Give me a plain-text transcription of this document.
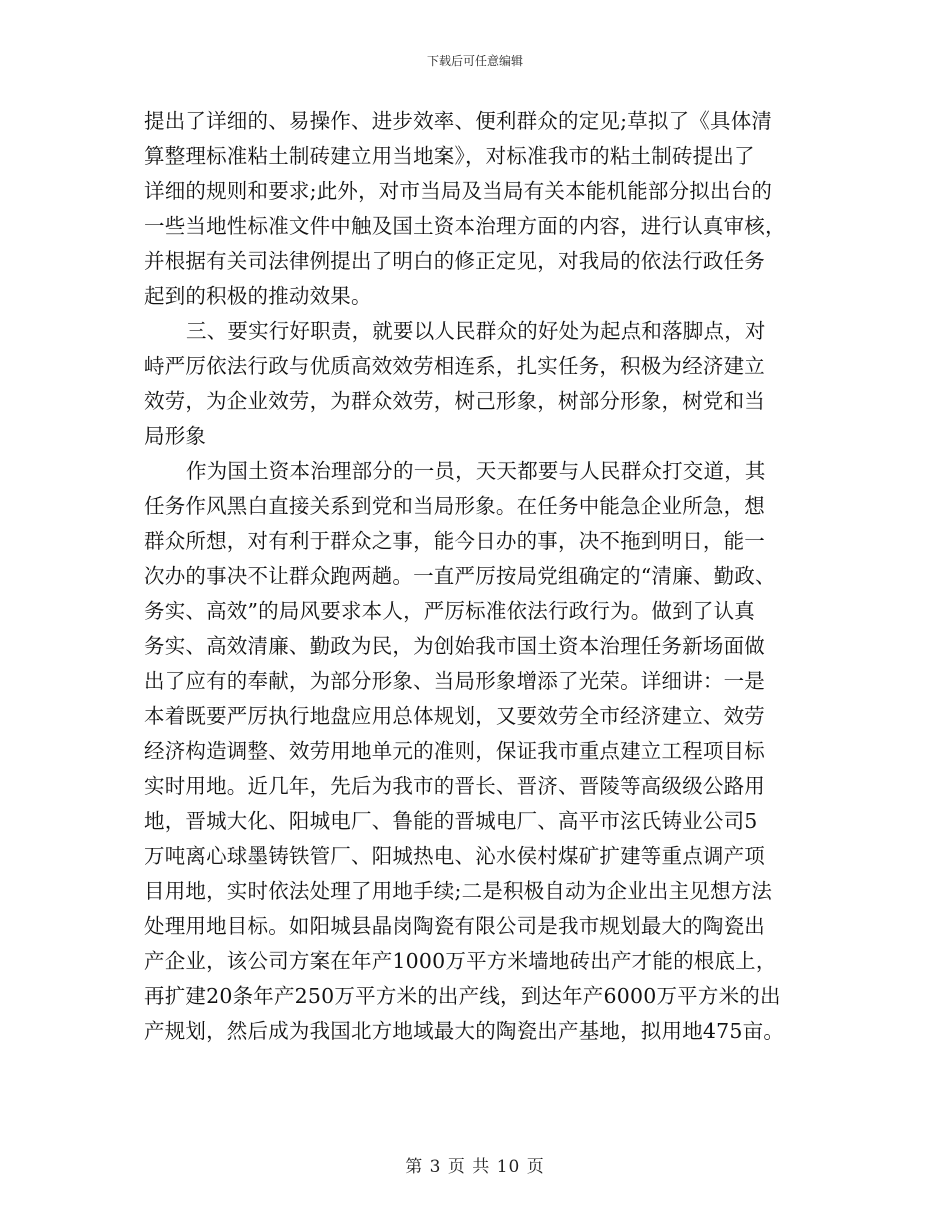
下载后可任意编辑
提出了详细的、易操作、进步效率、便利群众的定见;草拟了《具体清
算整理标准粘土制砖建立用当地案》，对标准我市的粘土制砖提出了
详细的规则和要求;此外，对市当局及当局有关本能机能部分拟出台的
一些当地性标准文件中触及国土资本治理方面的内容，进行认真审核，
并根据有关司法律例提出了明白的修正定见，对我局的依法行政任务
起到的积极的推动效果。
三、要实行好职责，就要以人民群众的好处为起点和落脚点，对
峙严厉依法行政与优质高效效劳相连系，扎实任务，积极为经济建立
效劳，为企业效劳，为群众效劳，树己形象，树部分形象，树党和当
局形象
作为国土资本治理部分的一员，天天都要与人民群众打交道，其
任务作风黑白直接关系到党和当局形象。在任务中能急企业所急，想
群众所想，对有利于群众之事，能今日办的事，决不拖到明日，能一
次办的事决不让群众跑两趟。一直严厉按局党组确定的“清廉、勤政、
务实、高效”的局风要求本人，严厉标准依法行政行为。做到了认真
务实、高效清廉、勤政为民，为创始我市国土资本治理任务新场面做
出了应有的奉献，为部分形象、当局形象增添了光荣。详细讲：一是
本着既要严厉执行地盘应用总体规划，又要效劳全市经济建立、效劳
经济构造调整、效劳用地单元的准则，保证我市重点建立工程项目标
实时用地。近几年，先后为我市的晋长、晋济、晋陵等高级级公路用
地，晋城大化、阳城电厂、鲁能的晋城电厂、高平市泫氏铸业公司5
万吨离心球墨铸铁管厂、阳城热电、沁水侯村煤矿扩建等重点调产项
目用地，实时依法处理了用地手续;二是积极自动为企业出主见想方法
处理用地目标。如阳城县晶岗陶瓷有限公司是我市规划最大的陶瓷出
产企业，该公司方案在年产1000万平方米墙地砖出产才能的根底上，
再扩建20条年产250万平方米的出产线，到达年产6000万平方米的出
产规划，然后成为我国北方地域最大的陶瓷出产基地，拟用地475亩。
第 3 页 共 10 页
